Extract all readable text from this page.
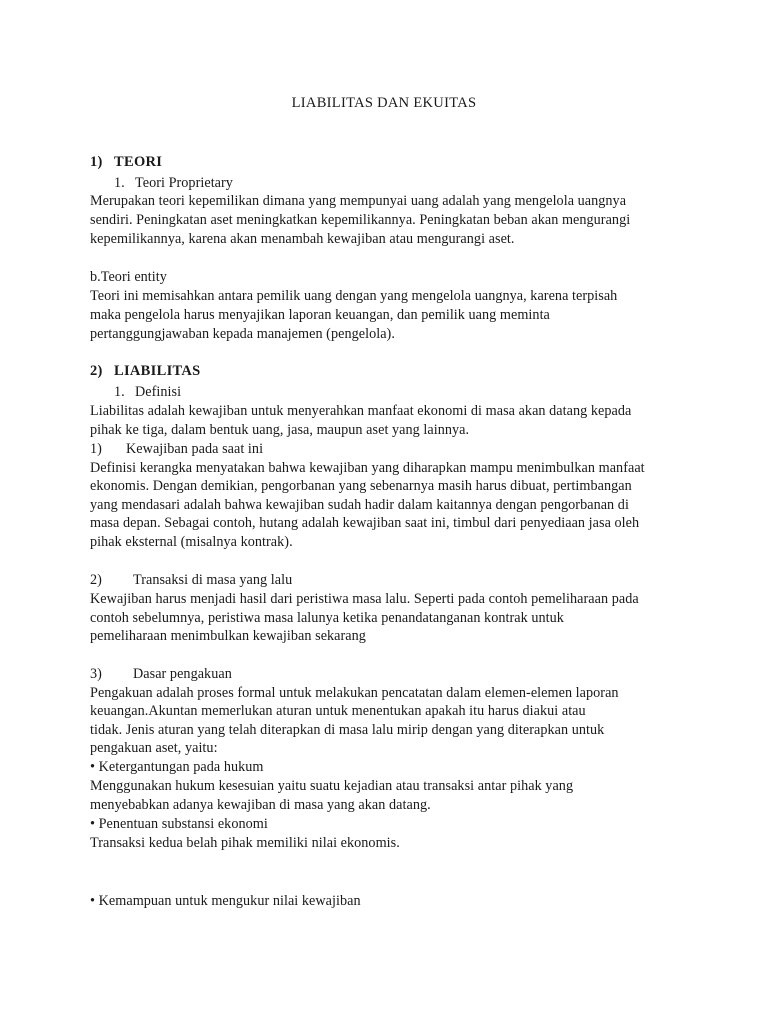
LIABILITAS DAN EKUITAS
1) TEORI
1. Teori Proprietary
Merupakan teori kepemilikan dimana yang mempunyai uang adalah yang mengelola uangnya
sendiri. Peningkatan aset meningkatkan kepemilikannya. Peningkatan beban akan mengurangi
kepemilikannya, karena akan menambah kewajiban atau mengurangi aset.
b.Teori entity
Teori ini memisahkan antara pemilik uang dengan yang mengelola uangnya, karena terpisah
maka pengelola harus menyajikan laporan keuangan, dan pemilik uang meminta
pertanggungjawaban kepada manajemen (pengelola).
2) LIABILITAS
1. Definisi
Liabilitas adalah kewajiban untuk menyerahkan manfaat ekonomi di masa akan datang kepada
pihak ke tiga, dalam bentuk uang, jasa, maupun aset yang lainnya.
1) Kewajiban pada saat ini
Definisi kerangka menyatakan bahwa kewajiban yang diharapkan mampu menimbulkan manfaat
ekonomis. Dengan demikian, pengorbanan yang sebenarnya masih harus dibuat, pertimbangan
yang mendasari adalah bahwa kewajiban sudah hadir dalam kaitannya dengan pengorbanan di
masa depan. Sebagai contoh, hutang adalah kewajiban saat ini, timbul dari penyediaan jasa oleh
pihak eksternal (misalnya kontrak).
2) Transaksi di masa yang lalu
Kewajiban harus menjadi hasil dari peristiwa masa lalu. Seperti pada contoh pemeliharaan pada
contoh sebelumnya, peristiwa masa lalunya ketika penandatanganan kontrak untuk
pemeliharaan menimbulkan kewajiban sekarang
3) Dasar pengakuan
Pengakuan adalah proses formal untuk melakukan pencatatan dalam elemen-elemen laporan
keuangan.Akuntan memerlukan aturan untuk menentukan apakah itu harus diakui atau
tidak. Jenis aturan yang telah diterapkan di masa lalu mirip dengan yang diterapkan untuk
pengakuan aset, yaitu:
• Ketergantungan pada hukum
Menggunakan hukum kesesuian yaitu suatu kejadian atau transaksi antar pihak yang
menyebabkan adanya kewajiban di masa yang akan datang.
• Penentuan substansi ekonomi
Transaksi kedua belah pihak memiliki nilai ekonomis.
• Kemampuan untuk mengukur nilai kewajiban
